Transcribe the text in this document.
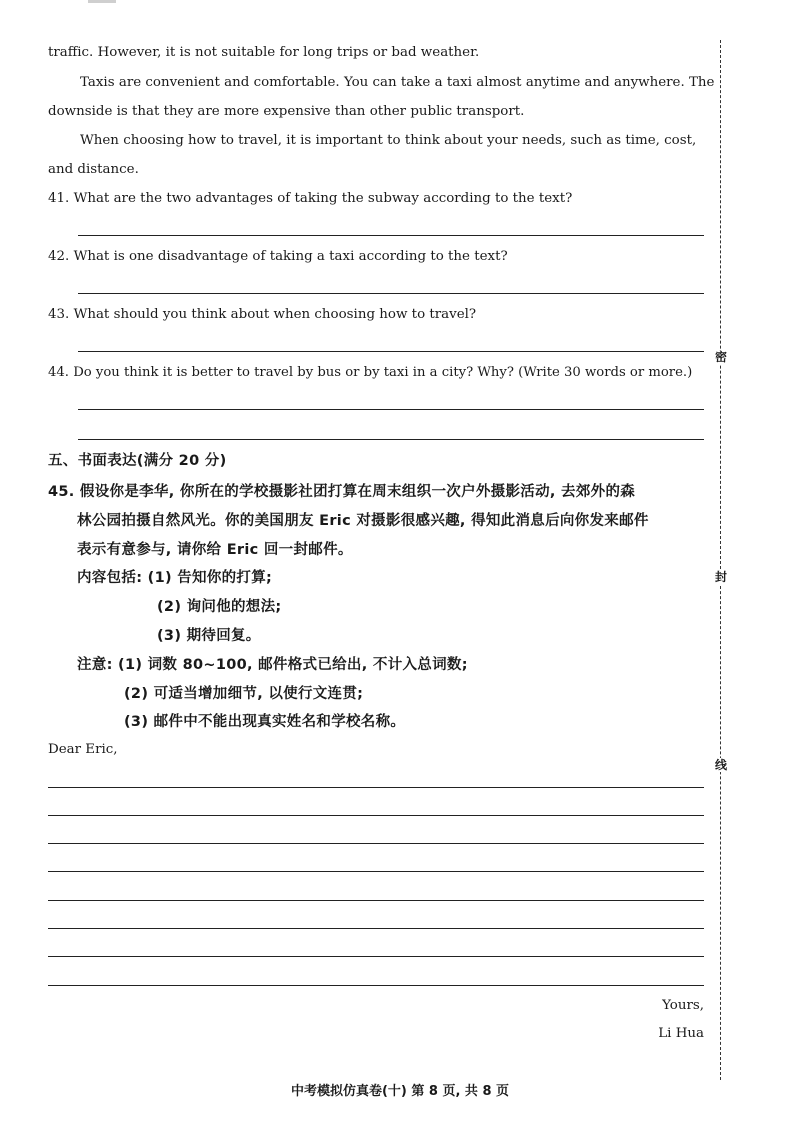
traffic. However, it is not suitable for long trips or bad weather.
Taxis are convenient and comfortable. You can take a taxi almost anytime and anywhere. The
downside is that they are more expensive than other public transport.
When choosing how to travel, it is important to think about your needs, such as time, cost,
and distance.
41. What are the two advantages of taking the subway according to the text?
42. What is one disadvantage of taking a taxi according to the text?
43. What should you think about when choosing how to travel?
44. Do you think it is better to travel by bus or by taxi in a city? Why? (Write 30 words or more.)
五、书面表达(满分 20 分)
45. 假设你是李华, 你所在的学校摄影社团打算在周末组织一次户外摄影活动, 去郊外的森
林公园拍摄自然风光。你的美国朋友 Eric 对摄影很感兴趣, 得知此消息后向你发来邮件
表示有意参与, 请你给 Eric 回一封邮件。
内容包括: (1) 告知你的打算;
(2) 询问他的想法;
(3) 期待回复。
注意: (1) 词数 80~100, 邮件格式已给出, 不计入总词数;
(2) 可适当增加细节, 以使行文连贯;
(3) 邮件中不能出现真实姓名和学校名称。
Dear Eric,
Yours,
Li Hua
密
封
线
中考模拟仿真卷(十) 第 8 页, 共 8 页
